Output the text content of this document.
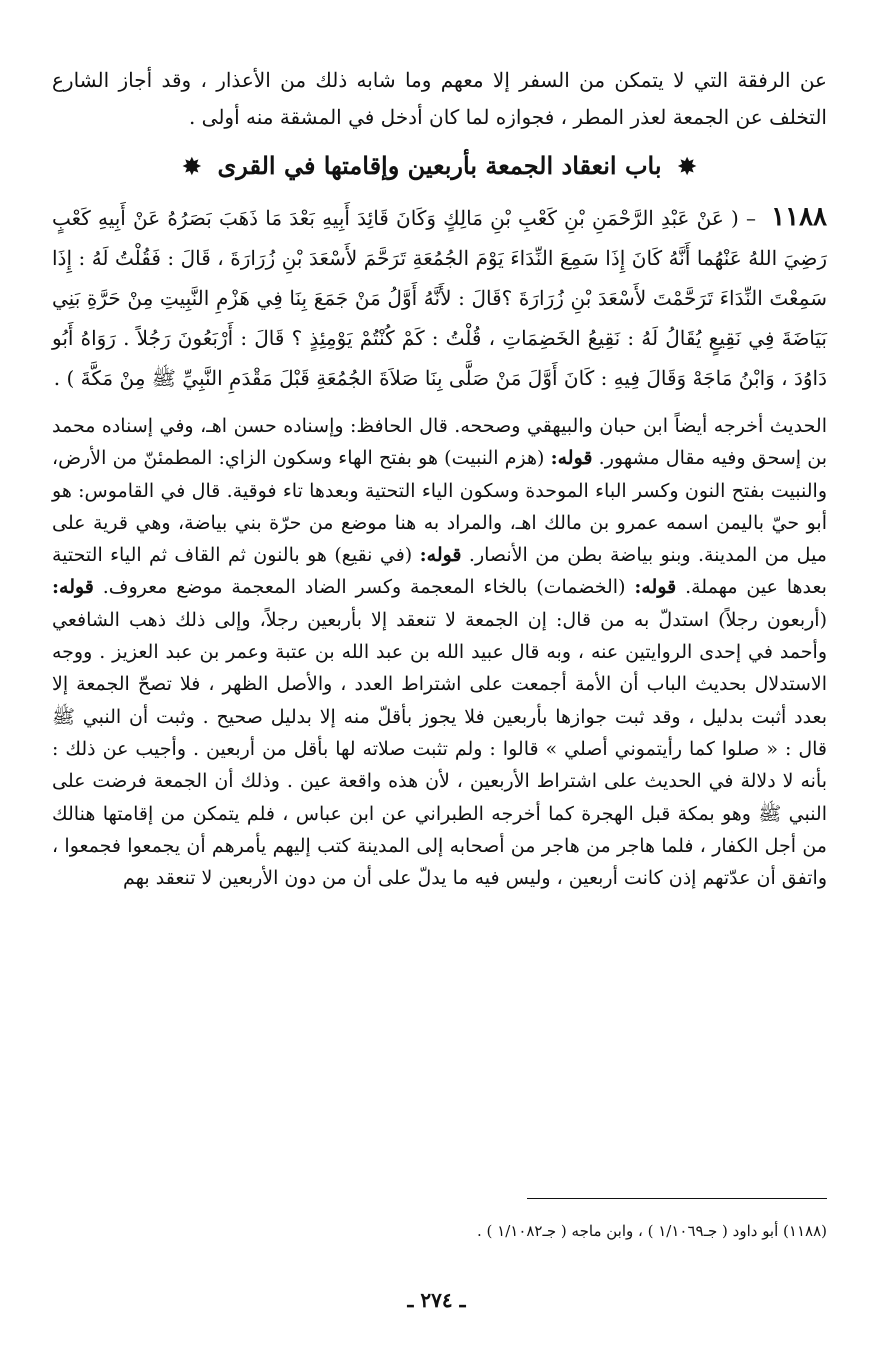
عن الرفقة التي لا يتمكن من السفر إلا معهم وما شابه ذلك من الأعذار ، وقد أجاز الشارع التخلف عن الجمعة لعذر المطر ، فجوازه لما كان أدخل في المشقة منه أولى .

✸ باب انعقاد الجمعة بأربعين وإقامتها في القرى ✸

١١٨٨ – ( عَنْ عَبْدِ الرَّحْمَنِ بْنِ كَعْبِ بْنِ مَالِكٍ وَكَانَ قَائِدَ أَبِيهِ بَعْدَ مَا ذَهَبَ بَصَرُهُ عَنْ أَبِيهِ كَعْبٍ رَضِيَ اللهُ عَنْهُما أَنَّهُ كَانَ إِذَا سَمِعَ النِّدَاءَ يَوْمَ الجُمُعَةِ تَرَحَّمَ لأَسْعَدَ بْنِ زُرَارَةَ ، قَالَ : فَقُلْتُ لَهُ : إِذَا سَمِعْتَ النِّدَاءَ تَرَحَّمْتَ لأَسْعَدَ بْنِ زُرَارَةَ ؟قَالَ : لأَنَّهُ أَوَّلُ مَنْ جَمَعَ بِنَا فِي هَزْمِ النَّبِيتِ مِنْ حَرَّةِ بَنِي بَيَاضَةَ فِي نَقِيعٍ يُقَالُ لَهُ : نَقِيعُ الخَضِمَاتِ ، قُلْتُ : كَمْ كُنْتُمْ يَوْمِئِذٍ ؟ قَالَ : أَرْبَعُونَ رَجُلاً . رَوَاهُ أَبُو دَاوُدَ ، وَابْنُ مَاجَهْ وَقَالَ فِيهِ : كَانَ أَوَّلَ مَنْ صَلَّى بِنَا صَلاَةَ الجُمُعَةِ قَبْلَ مَقْدَمِ النَّبِيِّ ﷺ مِنْ مَكَّةَ ) .

الحديث أخرجه أيضاً ابن حبان والبيهقي وصححه. قال الحافظ: وإسناده حسن اهـ، وفي إسناده محمد بن إسحق وفيه مقال مشهور. قوله: (هزم النبيت) هو بفتح الهاء وسكون الزاي: المطمئنّ من الأرض، والنبيت بفتح النون وكسر الباء الموحدة وسكون الياء التحتية وبعدها تاء فوقية. قال في القاموس: هو أبو حيّ باليمن اسمه عمرو بن مالك اهـ، والمراد به هنا موضع من حرّة بني بياضة، وهي قرية على ميل من المدينة. وبنو بياضة بطن من الأنصار. قوله: (في نقيع) هو بالنون ثم القاف ثم الياء التحتية بعدها عين مهملة. قوله: (الخضمات) بالخاء المعجمة وكسر الضاد المعجمة موضع معروف. قوله: (أربعون رجلاً) استدلّ به من قال: إن الجمعة لا تنعقد إلا بأربعين رجلاً، وإلى ذلك ذهب الشافعي وأحمد في إحدى الروايتين عنه ، وبه قال عبيد الله بن عبد الله بن عتبة وعمر بن عبد العزيز . ووجه الاستدلال بحديث الباب أن الأمة أجمعت على اشتراط العدد ، والأصل الظهر ، فلا تصحّ الجمعة إلا بعدد أثبت بدليل ، وقد ثبت جوازها بأربعين فلا يجوز بأقلّ منه إلا بدليل صحيح . وثبت أن النبي ﷺ قال : « صلوا كما رأيتموني أصلي » قالوا : ولم تثبت صلاته لها بأقل من أربعين . وأجيب عن ذلك : بأنه لا دلالة في الحديث على اشتراط الأربعين ، لأن هذه واقعة عين . وذلك أن الجمعة فرضت على النبي ﷺ وهو بمكة قبل الهجرة كما أخرجه الطبراني عن ابن عباس ، فلم يتمكن من إقامتها هنالك من أجل الكفار ، فلما هاجر من هاجر من أصحابه إلى المدينة كتب إليهم يأمرهم أن يجمعوا فجمعوا ، واتفق أن عدّتهم إذن كانت أربعين ، وليس فيه ما يدلّ على أن من دون الأربعين لا تنعقد بهم

(١١٨٨) أبو داود ( جـ١/١٠٦٩ ) ، وابن ماجه ( جـ١/١٠٨٢ ) .

ـ ٢٧٤ ـ
